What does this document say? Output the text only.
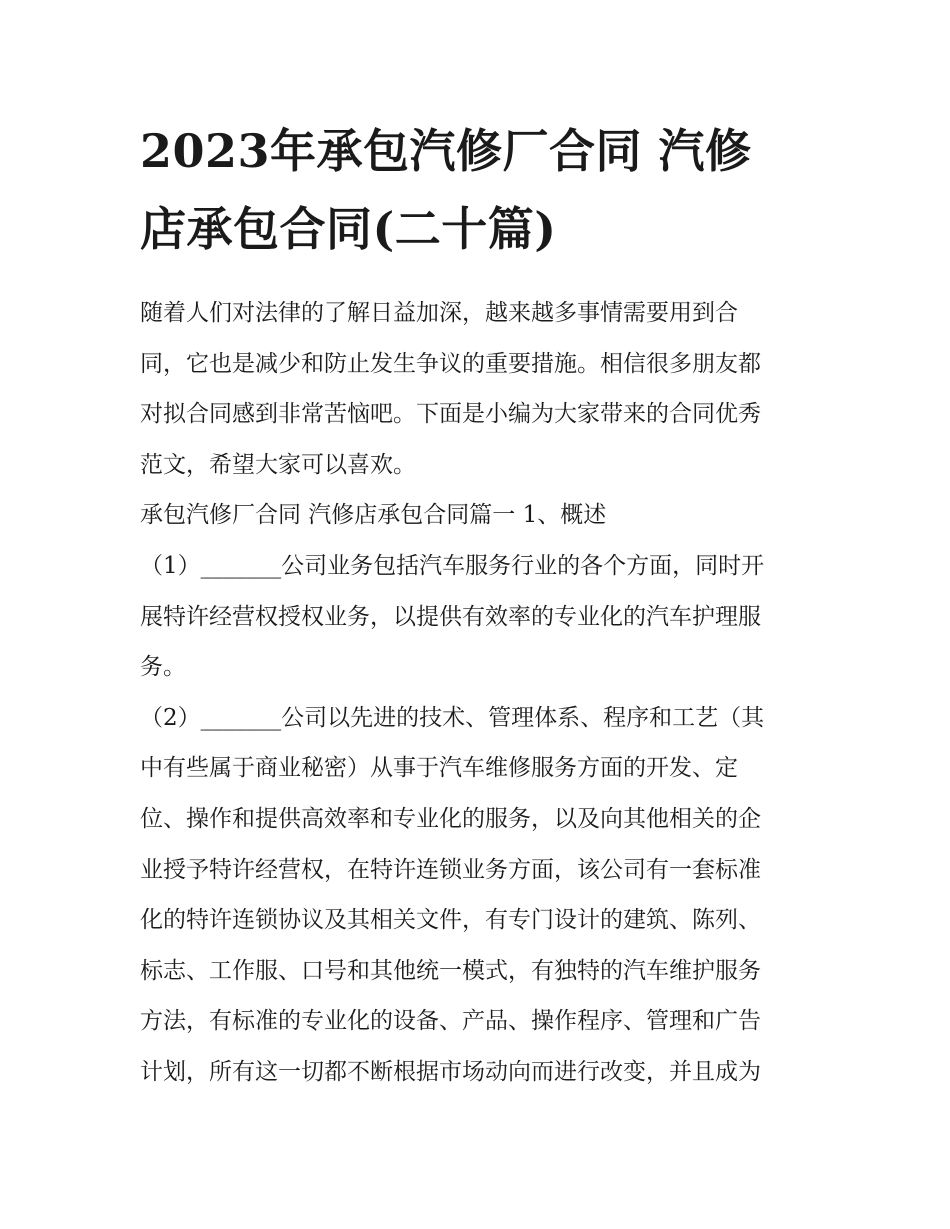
2023年承包汽修厂合同 汽修
店承包合同(二十篇)

随着人们对法律的了解日益加深，越来越多事情需要用到合
同，它也是减少和防止发生争议的重要措施。相信很多朋友都
对拟合同感到非常苦恼吧。下面是小编为大家带来的合同优秀
范文，希望大家可以喜欢。

承包汽修厂合同 汽修店承包合同篇一 1、概述

（1）_______公司业务包括汽车服务行业的各个方面，同时开
展特许经营权授权业务，以提供有效率的专业化的汽车护理服
务。

（2）_______公司以先进的技术、管理体系、程序和工艺（其
中有些属于商业秘密）从事于汽车维修服务方面的开发、定
位、操作和提供高效率和专业化的服务，以及向其他相关的企
业授予特许经营权，在特许连锁业务方面，该公司有一套标准
化的特许连锁协议及其相关文件，有专门设计的建筑、陈列、
标志、工作服、口号和其他统一模式，有独特的汽车维护服务
方法，有标准的专业化的设备、产品、操作程序、管理和广告
计划，所有这一切都不断根据市场动向而进行改变，并且成为
